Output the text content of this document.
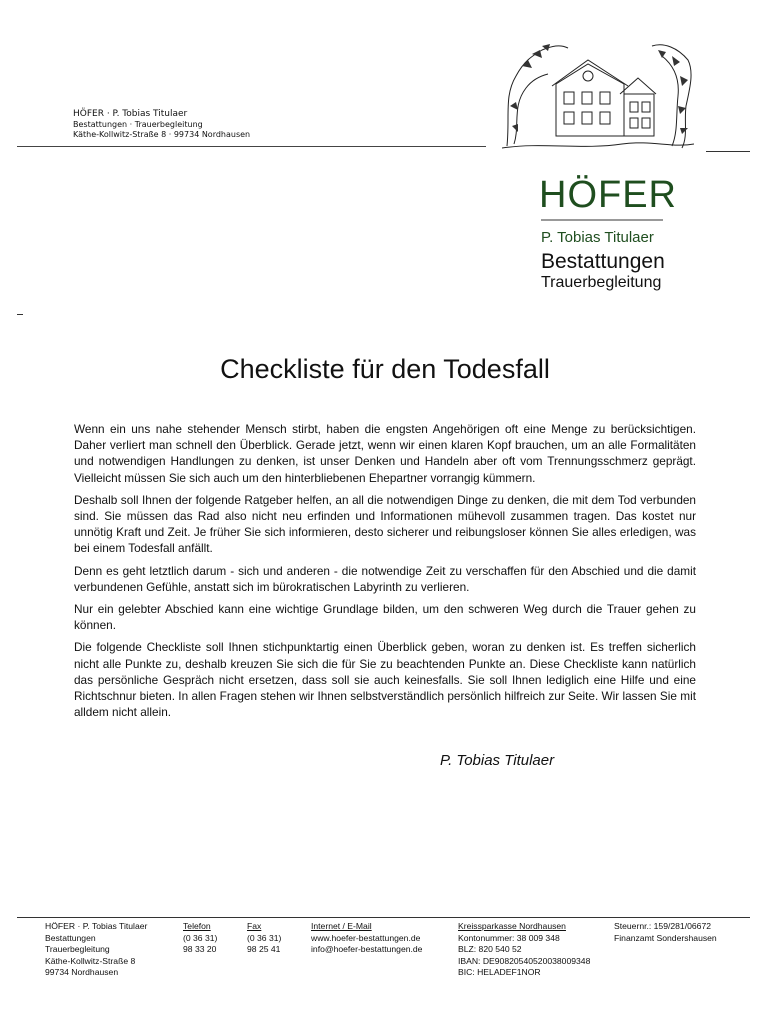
HÖFER · P. Tobias Titulaer
Bestattungen · Trauerbegleitung
Käthe-Kollwitz-Straße 8 · 99734 Nordhausen
HÖFER
P. Tobias Titulaer
Bestattungen
Trauerbegleitung
Checkliste für den Todesfall

Wenn ein uns nahe stehender Mensch stirbt, haben die engsten Angehörigen oft eine Menge zu berücksichtigen. Daher verliert man schnell den Überblick. Gerade jetzt, wenn wir einen klaren Kopf brauchen, um an alle Formalitäten und notwendigen Handlungen zu denken, ist unser Denken und Handeln aber oft vom Trennungsschmerz geprägt. Vielleicht müssen Sie sich auch um den hinterbliebenen Ehepartner vorrangig kümmern.

Deshalb soll Ihnen der folgende Ratgeber helfen, an all die notwendigen Dinge zu denken, die mit dem Tod verbunden sind. Sie müssen das Rad also nicht neu erfinden und Informationen mühevoll zusammen tragen. Das kostet nur unnötig Kraft und Zeit. Je früher Sie sich informieren, desto sicherer und reibungsloser können Sie alles erledigen, was bei einem Todesfall anfällt.

Denn es geht letztlich darum - sich und anderen - die notwendige Zeit zu verschaffen für den Abschied und die damit verbundenen Gefühle, anstatt sich im bürokratischen Labyrinth zu verlieren.

Nur ein gelebter Abschied kann eine wichtige Grundlage bilden, um den schweren Weg durch die Trauer gehen zu können.

Die folgende Checkliste soll Ihnen stichpunktartig einen Überblick geben, woran zu denken ist. Es treffen sicherlich nicht alle Punkte zu, deshalb kreuzen Sie sich die für Sie zu beachtenden Punkte an. Diese Checkliste kann natürlich das persönliche Gespräch nicht ersetzen, dass soll sie auch keinesfalls. Sie soll Ihnen lediglich eine Hilfe und eine Richtschnur bieten. In allen Fragen stehen wir Ihnen selbstverständlich persönlich hilfreich zur Seite. Wir lassen Sie mit alldem nicht allein.

P. Tobias Titulaer
HÖFER · P. Tobias Titulaer
Bestattungen
Trauerbegleitung
Käthe-Kollwitz-Straße 8
99734 Nordhausen
Telefon
(0 36 31)
98 33 20
Fax
(0 36 31)
98 25 41
Internet / E-Mail
www.hoefer-bestattungen.de
info@hoefer-bestattungen.de
Kreissparkasse Nordhausen
Kontonummer: 38 009 348
BLZ: 820 540 52
IBAN: DE90820540520038009348
BIC: HELADEF1NOR
Steuernr.: 159/281/06672
Finanzamt Sondershausen
